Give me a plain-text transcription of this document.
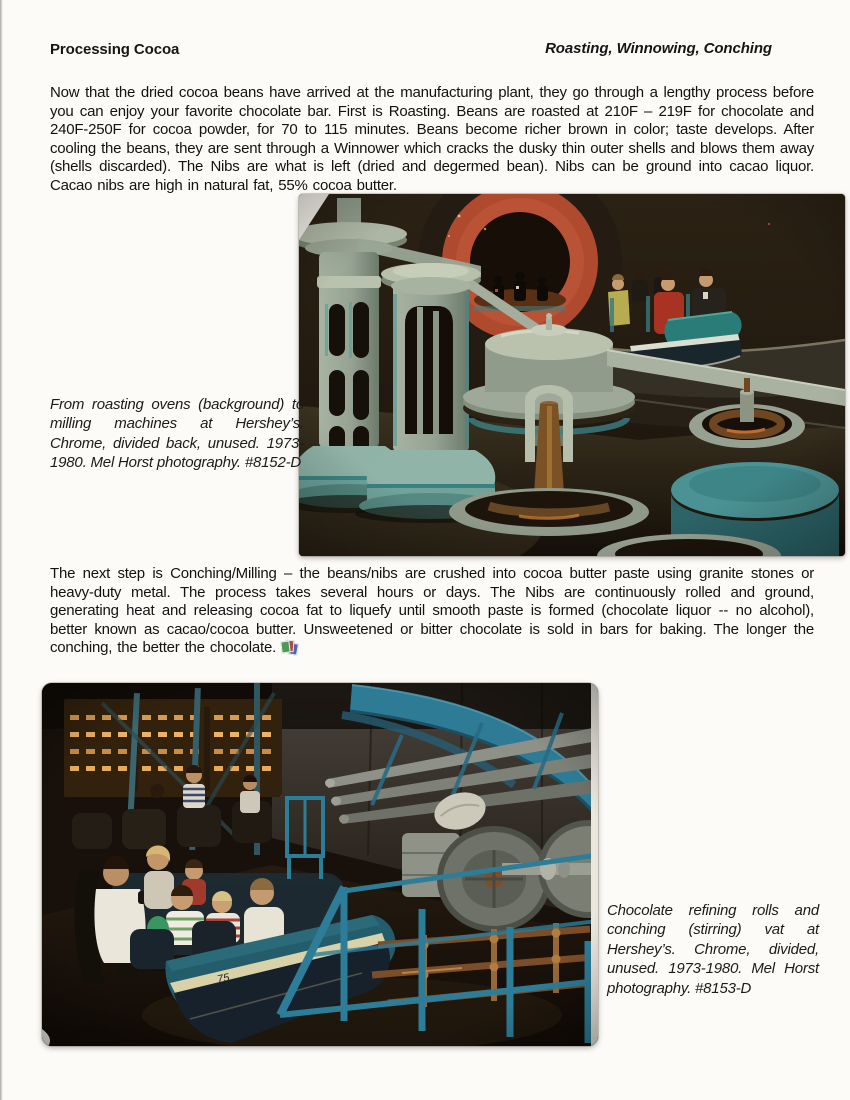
Processing Cocoa	Roasting, Winnowing, Conching
Now that the dried cocoa beans have arrived at the manufacturing plant, they go through a lengthy process before you can enjoy your favorite chocolate bar. First is Roasting. Beans are roasted at 210F – 219F for chocolate and 240F-250F for cocoa powder, for 70 to 115 minutes. Beans become richer brown in color; taste develops. After cooling the beans, they are sent through a Winnower which cracks the dusky thin outer shells and blows them away (shells discarded). The Nibs are what is left (dried and degermed bean). Nibs can be ground into cacao liquor. Cacao nibs are high in natural fat, 55% cocoa butter.
From roasting ovens (background) to milling machines at Hershey’s. Chrome, divided back, unused. 1973-1980. Mel Horst photography. #8152-D
The next step is Conching/Milling – the beans/nibs are crushed into cocoa butter paste using granite stones or heavy-duty metal. The process takes several hours or days. The Nibs are continuously rolled and ground, generating heat and releasing cocoa fat to liquefy until smooth paste is formed (chocolate liquor -- no alcohol), better known as cacao/cocoa butter. Unsweetened or bitter chocolate is sold in bars for baking. The longer the conching, the better the chocolate.
Chocolate refining rolls and conching (stirring) vat at Hershey’s. Chrome, divided, unused. 1973-1980. Mel Horst photography. #8153-D
